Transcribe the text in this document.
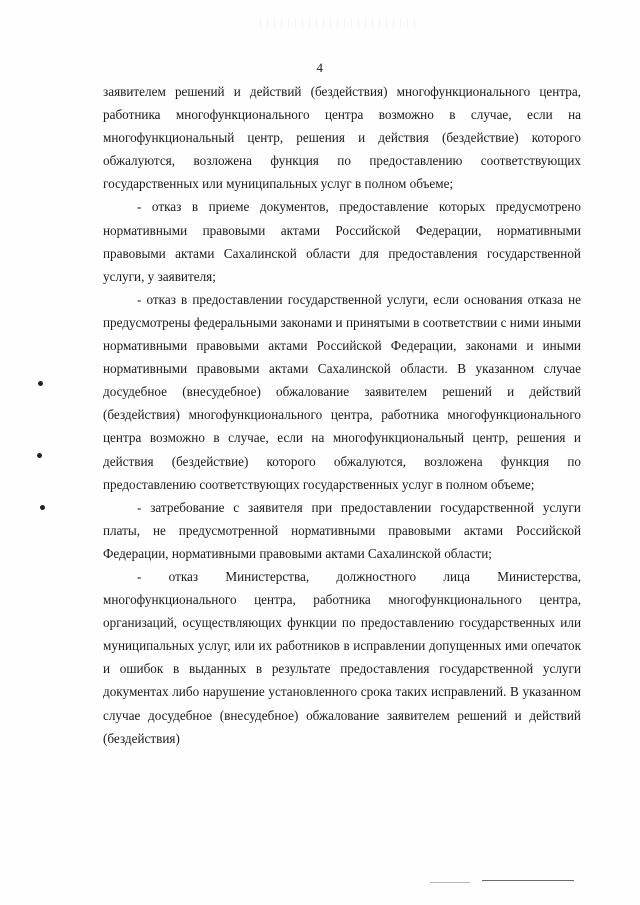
4

заявителем решений и действий (бездействия) многофункционального центра, работника многофункционального центра возможно в случае, если на многофункциональный центр, решения и действия (бездействие) которого обжалуются, возложена функция по предоставлению соответствующих государственных или муниципальных услуг в полном объеме;

- отказ в приеме документов, предоставление которых предусмотрено нормативными правовыми актами Российской Федерации, нормативными правовыми актами Сахалинской области для предоставления государственной услуги, у заявителя;

- отказ в предоставлении государственной услуги, если основания отказа не предусмотрены федеральными законами и принятыми в соответствии с ними иными нормативными правовыми актами Российской Федерации, законами и иными нормативными правовыми актами Сахалинской области. В указанном случае досудебное (внесудебное) обжалование заявителем решений и действий (бездействия) многофункционального центра, работника многофункционального центра возможно в случае, если на многофункциональный центр, решения и действия (бездействие) которого обжалуются, возложена функция по предоставлению соответствующих государственных услуг в полном объеме;

- затребование с заявителя при предоставлении государственной услуги платы, не предусмотренной нормативными правовыми актами Российской Федерации, нормативными правовыми актами Сахалинской области;

- отказ Министерства, должностного лица Министерства, многофункционального центра, работника многофункционального центра, организаций, осуществляющих функции по предоставлению государственных или муниципальных услуг, или их работников в исправлении допущенных ими опечаток и ошибок в выданных в результате предоставления государственной услуги документах либо нарушение установленного срока таких исправлений. В указанном случае досудебное (внесудебное) обжалование заявителем решений и действий (бездействия)
